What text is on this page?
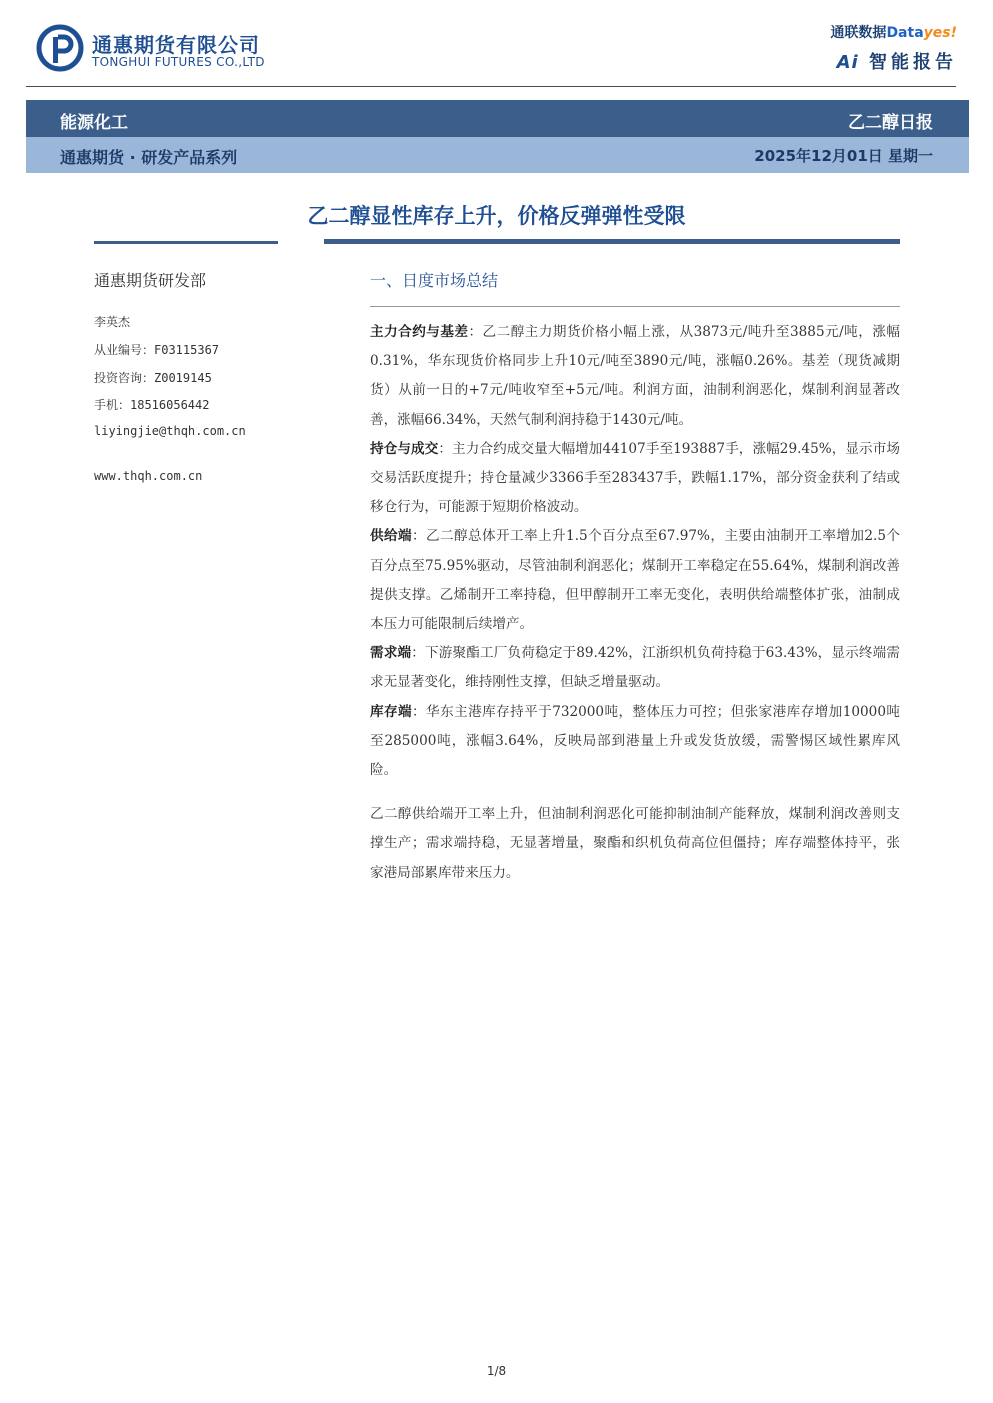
通惠期货有限公司
TONGHUI FUTURES CO.,LTD
通联数据Datayes!
Ai 智能报告
能源化工	乙二醇日报
通惠期货 · 研发产品系列	2025年12月01日 星期一
乙二醇显性库存上升，价格反弹弹性受限
通惠期货研发部
李英杰
从业编号：F03115367
投资咨询：Z0019145
手机：18516056442
liyingjie@thqh.com.cn
www.thqh.com.cn
一、日度市场总结

主力合约与基差：乙二醇主力期货价格小幅上涨，从3873元/吨升至3885元/吨，涨幅0.31%，华东现货价格同步上升10元/吨至3890元/吨，涨幅0.26%。基差（现货减期货）从前一日的+7元/吨收窄至+5元/吨。利润方面，油制利润恶化，煤制利润显著改善，涨幅66.34%，天然气制利润持稳于1430元/吨。

持仓与成交：主力合约成交量大幅增加44107手至193887手，涨幅29.45%，显示市场交易活跃度提升；持仓量减少3366手至283437手，跌幅1.17%，部分资金获利了结或移仓行为，可能源于短期价格波动。

供给端：乙二醇总体开工率上升1.5个百分点至67.97%，主要由油制开工率增加2.5个百分点至75.95%驱动，尽管油制利润恶化；煤制开工率稳定在55.64%，煤制利润改善提供支撑。乙烯制开工率持稳，但甲醇制开工率无变化，表明供给端整体扩张，油制成本压力可能限制后续增产。

需求端：下游聚酯工厂负荷稳定于89.42%，江浙织机负荷持稳于63.43%，显示终端需求无显著变化，维持刚性支撑，但缺乏增量驱动。

库存端：华东主港库存持平于732000吨，整体压力可控；但张家港库存增加10000吨至285000吨，涨幅3.64%，反映局部到港量上升或发货放缓，需警惕区域性累库风险。

乙二醇供给端开工率上升，但油制利润恶化可能抑制油制产能释放，煤制利润改善则支撑生产；需求端持稳，无显著增量，聚酯和织机负荷高位但僵持；库存端整体持平，张家港局部累库带来压力。

1/8
